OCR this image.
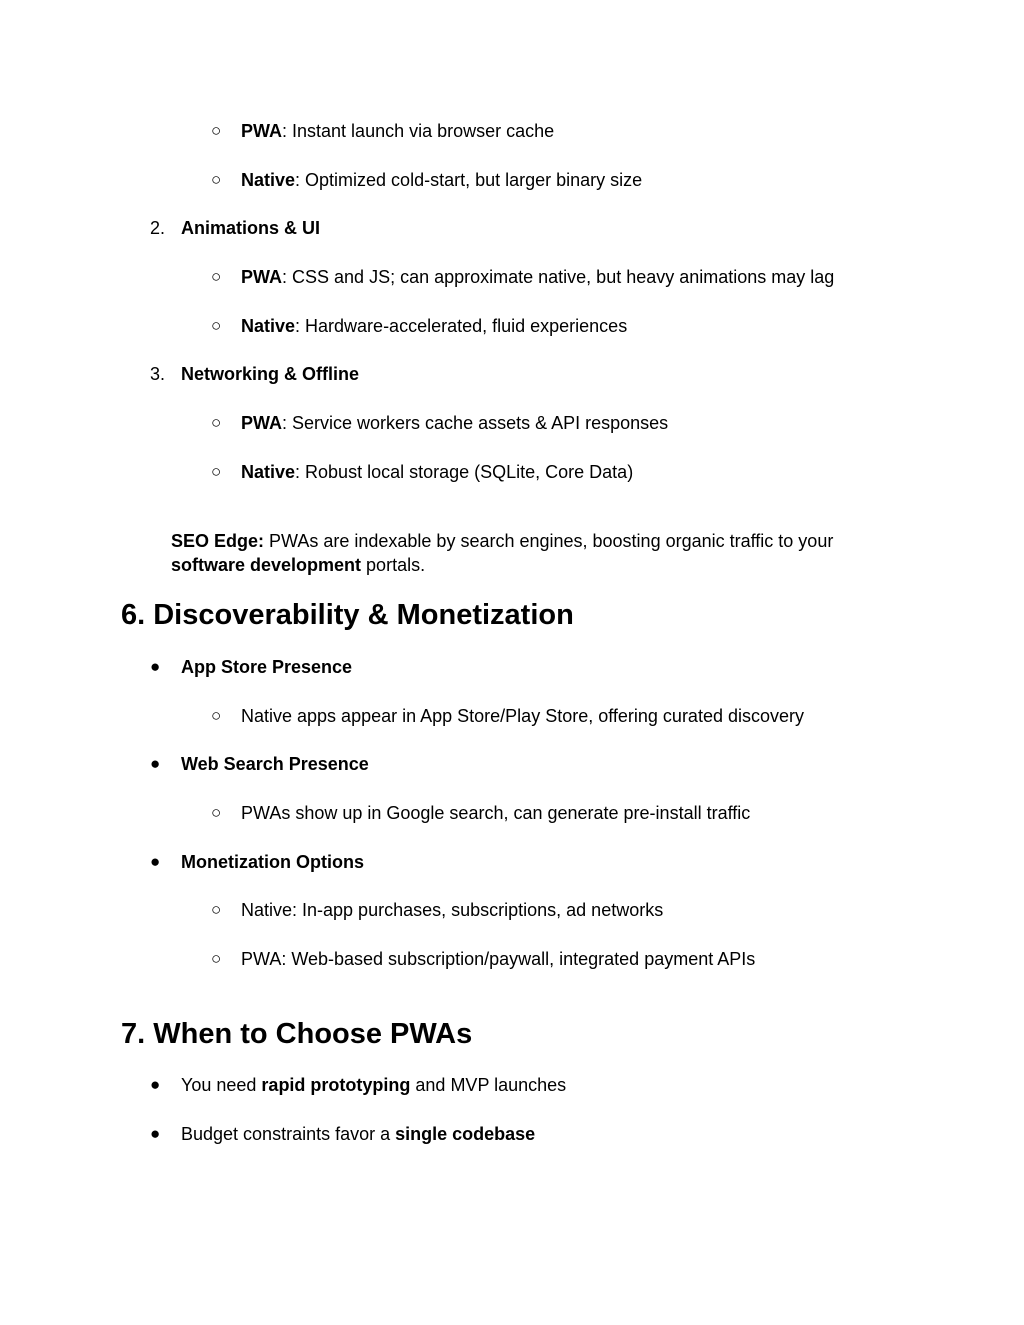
○ PWA: Instant launch via browser cache
○ Native: Optimized cold‑start, but larger binary size
2. Animations & UI
○ PWA: CSS and JS; can approximate native, but heavy animations may lag
○ Native: Hardware‑accelerated, fluid experiences
3. Networking & Offline
○ PWA: Service workers cache assets & API responses
○ Native: Robust local storage (SQLite, Core Data)
SEO Edge: PWAs are indexable by search engines, boosting organic traffic to your
software development portals.
6. Discoverability & Monetization
● App Store Presence
○ Native apps appear in App Store/Play Store, offering curated discovery
● Web Search Presence
○ PWAs show up in Google search, can generate pre‑install traffic
● Monetization Options
○ Native: In‑app purchases, subscriptions, ad networks
○ PWA: Web‑based subscription/paywall, integrated payment APIs
7. When to Choose PWAs
● You need rapid prototyping and MVP launches
● Budget constraints favor a single codebase
